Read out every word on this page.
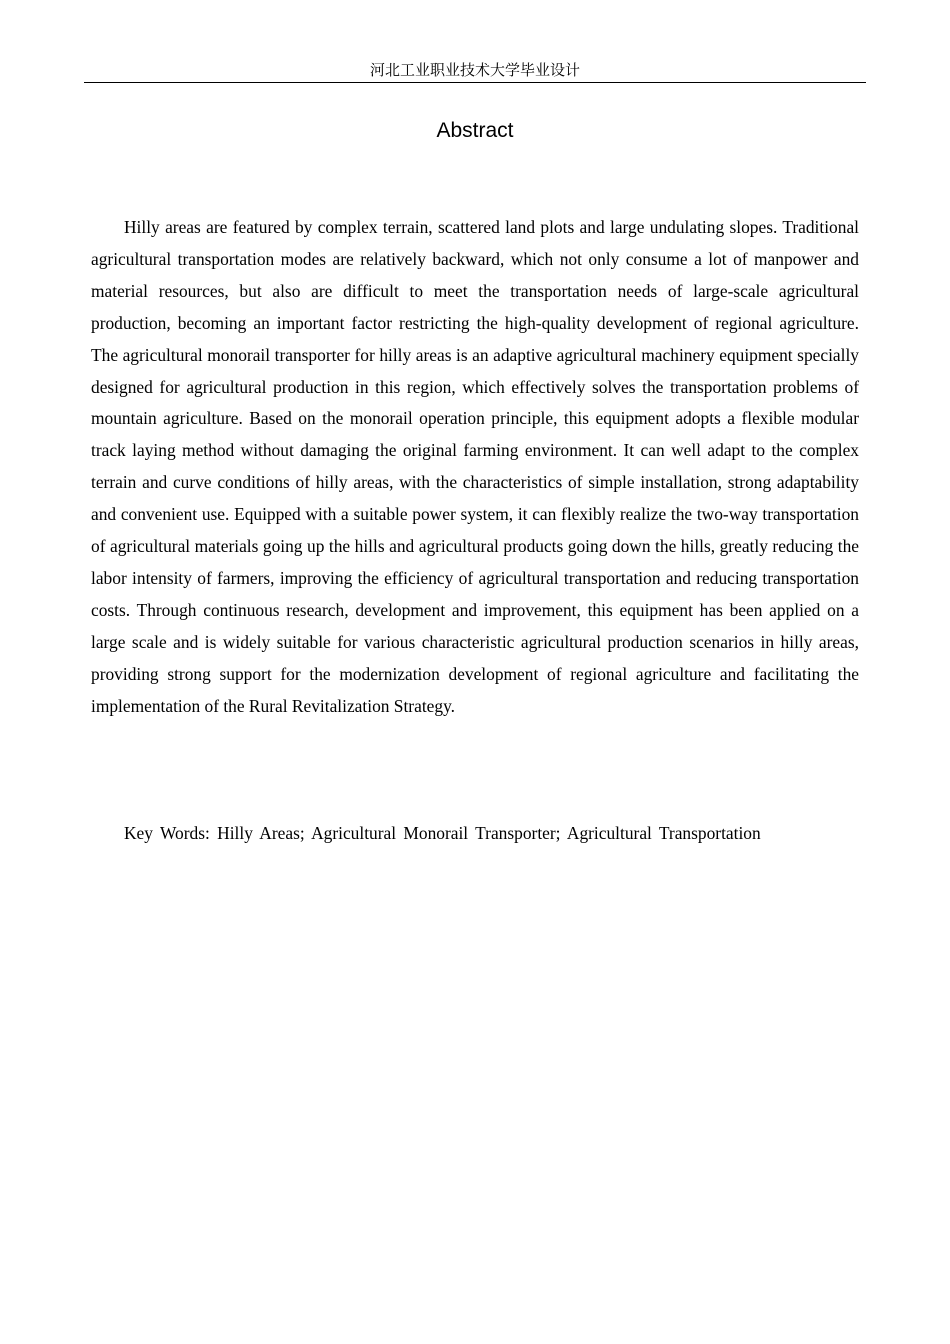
河北工业职业技术大学毕业设计
Abstract

Hilly areas are featured by complex terrain, scattered land plots and large undulating slopes. Traditional agricultural transportation modes are relatively backward, which not only consume a lot of manpower and material resources, but also are difficult to meet the transportation needs of large-scale agricultural production, becoming an important factor restricting the high-quality development of regional agriculture. The agricultural monorail transporter for hilly areas is an adaptive agricultural machinery equipment specially designed for agricultural production in this region, which effectively solves the transportation problems of mountain agriculture. Based on the monorail operation principle, this equipment adopts a flexible modular track laying method without damaging the original farming environment. It can well adapt to the complex terrain and curve conditions of hilly areas, with the characteristics of simple installation, strong adaptability and convenient use. Equipped with a suitable power system, it can flexibly realize the two-way transportation of agricultural materials going up the hills and agricultural products going down the hills, greatly reducing the labor intensity of farmers, improving the efficiency of agricultural transportation and reducing transportation costs. Through continuous research, development and improvement, this equipment has been applied on a large scale and is widely suitable for various characteristic agricultural production scenarios in hilly areas, providing strong support for the modernization development of regional agriculture and facilitating the implementation of the Rural Revitalization Strategy.

Key Words: Hilly Areas; Agricultural Monorail Transporter; Agricultural Transportation
